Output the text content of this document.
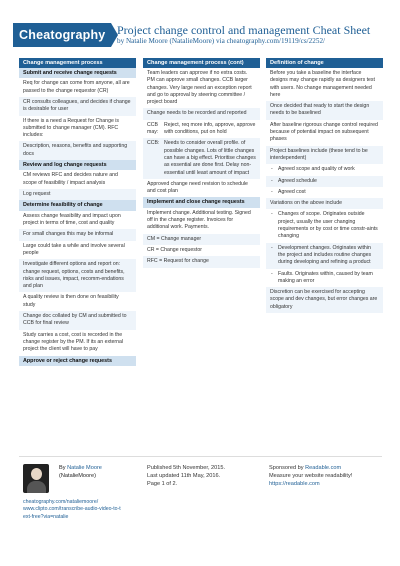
Cheatography Project change control and management Cheat Sheet
by Natalie Moore (NatalieMoore) via cheatography.com/19119/cs/2252/
Change management process
Submit and receive change requests
Req for change can come from anyone, all are passed to the change requestor (CR)
CR consults colleagues, and decides if change is desirable for user
If there is a need a Request for Change is submitted to change manager (CM). RFC includes:
Description, reasons, benefits and supporting docs
Review and log change requests
CM reviews RFC and decides nature and scope of feasibility / impact analysis
Log request
Determine feasibility of change
Assess change feasibility and impact upon project in terms of time, cost and quality
For small changes this may be informal
Large could take a while and involve several people
Investigate different options and report on: change request, options, costs and benefits, risks and issues, impact, recomm-endations and plan
A quality review is then done on feasibility study
Change doc collated by CM and submitted to CCB for final review
Study carries a cost, cost is recorded in the change register by the PM. If its an external project the client will have to pay
Approve or reject change requests
Change management process (cont)
Team leaders can approve if no extra costs. PM can approve small changes. CCB larger changes. Very large need an exception report and go to approval by steering committee / project board
Change needs to be recorded and reported
CCB may:
Reject, req more info, approve, approve with conditions, put on hold
CCB: Needs to consider overall profile. of possible changes. Lots of little changes can have a big effect. Prioritise changes as essential are done first. Delay non-essential until least amount of impact
Approved change need revision to schedule and cost plan
Implement and close change requests
Implement change. Additional testing. Signed off in the change register. Invoices for additional work. Payments.
CM = Change manager
CR = Change requestor
RFC = Request for change
Definition of change
Before you take a baseline the interface designs may change rapidly as designers test with users. No change management needed here
Once decided that ready to start the design needs to be baselined
After baseline rigorous change control required because of potential impact on subsequent phases
Project baselines include (these tend to be interdependent)
- Agreed scope and quality of work
- Agreed schedule
- Agreed cost
Variations on the above include
- Changes of scope. Originates outside project, usually the user changing requirements or by cost or time constr-aints changing
- Development changes. Originates within the project and includes routine changes during developing and refining a product
- Faults. Originates within, caused by team making an error
Discretion can be exercised for accepting scope and dev changes, but error changes are obligatory
By Natalie Moore
(NatalieMoore)
cheatography.com/nataliemoore/
www.clipto.com/transcribe-audio-video-to-text-free?via=natalie
Published 5th November, 2015.
Last updated 11th May, 2016.
Page 1 of 2.
Sponsored by Readable.com
Measure your website readability!
https://readable.com
